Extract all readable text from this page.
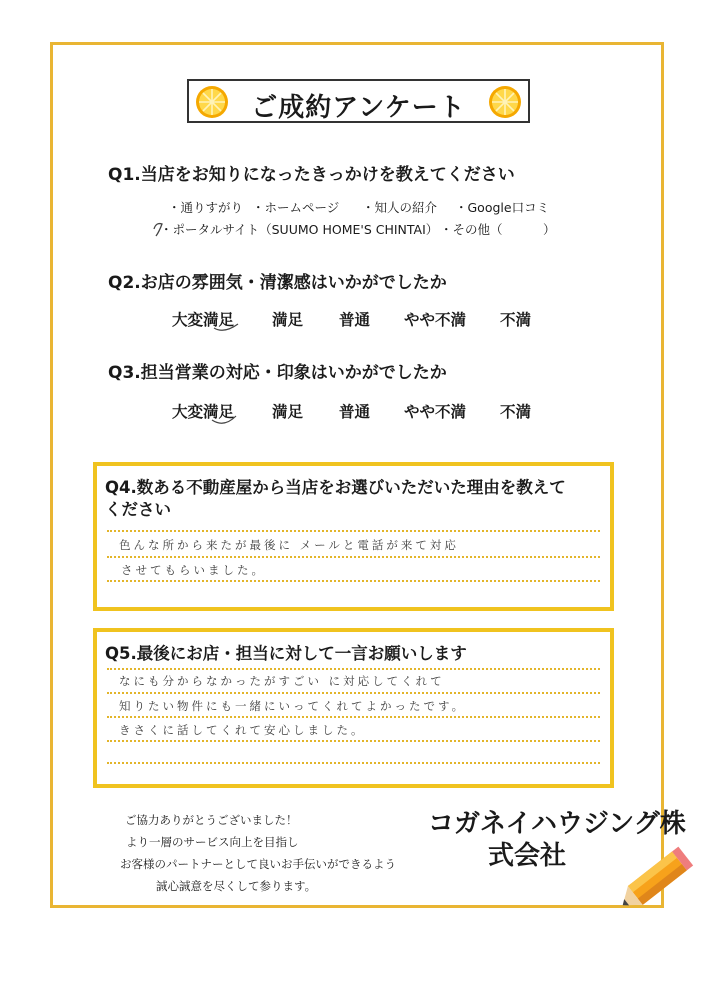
ご成約アンケート
Q1.当店をお知りになったきっかけを教えてください
・通りすがり ・ホームページ ・知人の紹介 ・Google口コミ
・ポータルサイト（SUUMO HOME'S CHINTAI） ・その他（	）
Q2.お店の雰囲気・清潔感はいかがでしたか
大変満足 満足 普通 やや不満 不満
Q3.担当営業の対応・印象はいかがでしたか
大変満足 満足 普通 やや不満 不満
Q4.数ある不動産屋から当店をお選びいただいた理由を教えて
ください
色んな所から来たが最後に メールと電話が来て対応
させてもらいました。
Q5.最後にお店・担当に対して一言お願いします
なにも分からなかったがすごい に対応してくれて
知りたい物件にも一緒にいってくれてよかったです。
きさくに話してくれて安心しました。
ご協力ありがとうございました！
より一層のサービス向上を目指し
お客様のパートナーとして良いお手伝いができるよう
誠心誠意を尽くして参ります。
コガネイハウジング株
式会社
